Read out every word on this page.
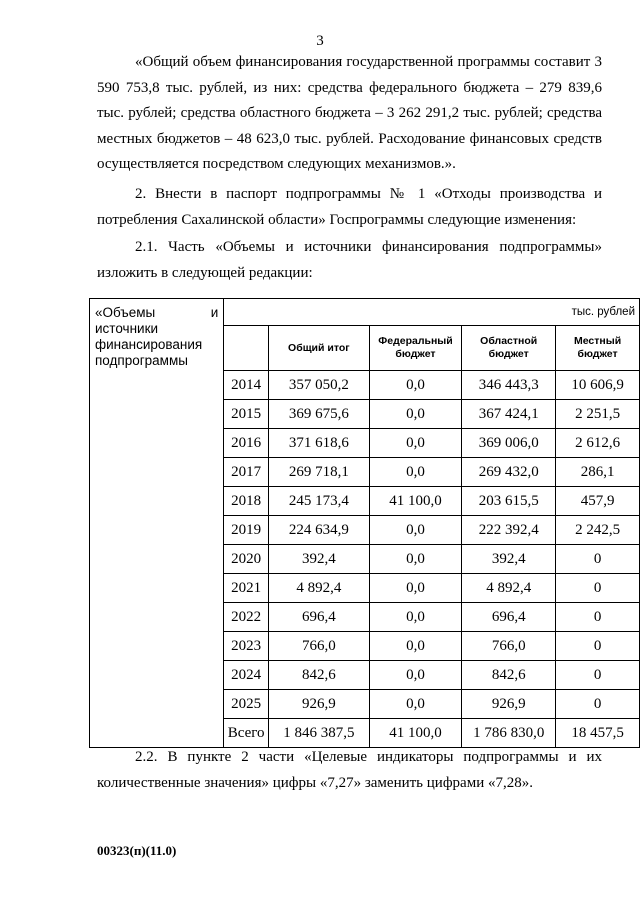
3
«Общий объем финансирования государственной программы составит 3 590 753,8 тыс. рублей, из них: средства федерального бюджета – 279 839,6 тыс. рублей; средства областного бюджета – 3 262 291,2 тыс. рублей; средства местных бюджетов – 48 623,0 тыс. рублей. Расходование финансовых средств осуществляется посредством следующих механизмов.».
2. Внести в паспорт подпрограммы № 1 «Отходы производства и потребления Сахалинской области» Госпрограммы следующие изменения:
2.1. Часть «Объемы и источники финансирования подпрограммы» изложить в следующей редакции:
«Объемы и
источники финансирования подпрограммы	тыс. рублей				
		Общий итог	Федеральный бюджет	Областной бюджет	Местный бюджет
	2014	357 050,2	0,0	346 443,3	10 606,9
	2015	369 675,6	0,0	367 424,1	2 251,5
	2016	371 618,6	0,0	369 006,0	2 612,6
	2017	269 718,1	0,0	269 432,0	286,1
	2018	245 173,4	41 100,0	203 615,5	457,9
	2019	224 634,9	0,0	222 392,4	2 242,5
	2020	392,4	0,0	392,4	0
	2021	4 892,4	0,0	4 892,4	0
	2022	696,4	0,0	696,4	0
	2023	766,0	0,0	766,0	0
	2024	842,6	0,0	842,6	0
	2025	926,9	0,0	926,9	0
	Всего	1 846 387,5	41 100,0	1 786 830,0	18 457,5
2.2. В пункте 2 части «Целевые индикаторы подпрограммы и их количественные значения» цифры «7,27» заменить цифрами «7,28».
00323(п)(11.0)
